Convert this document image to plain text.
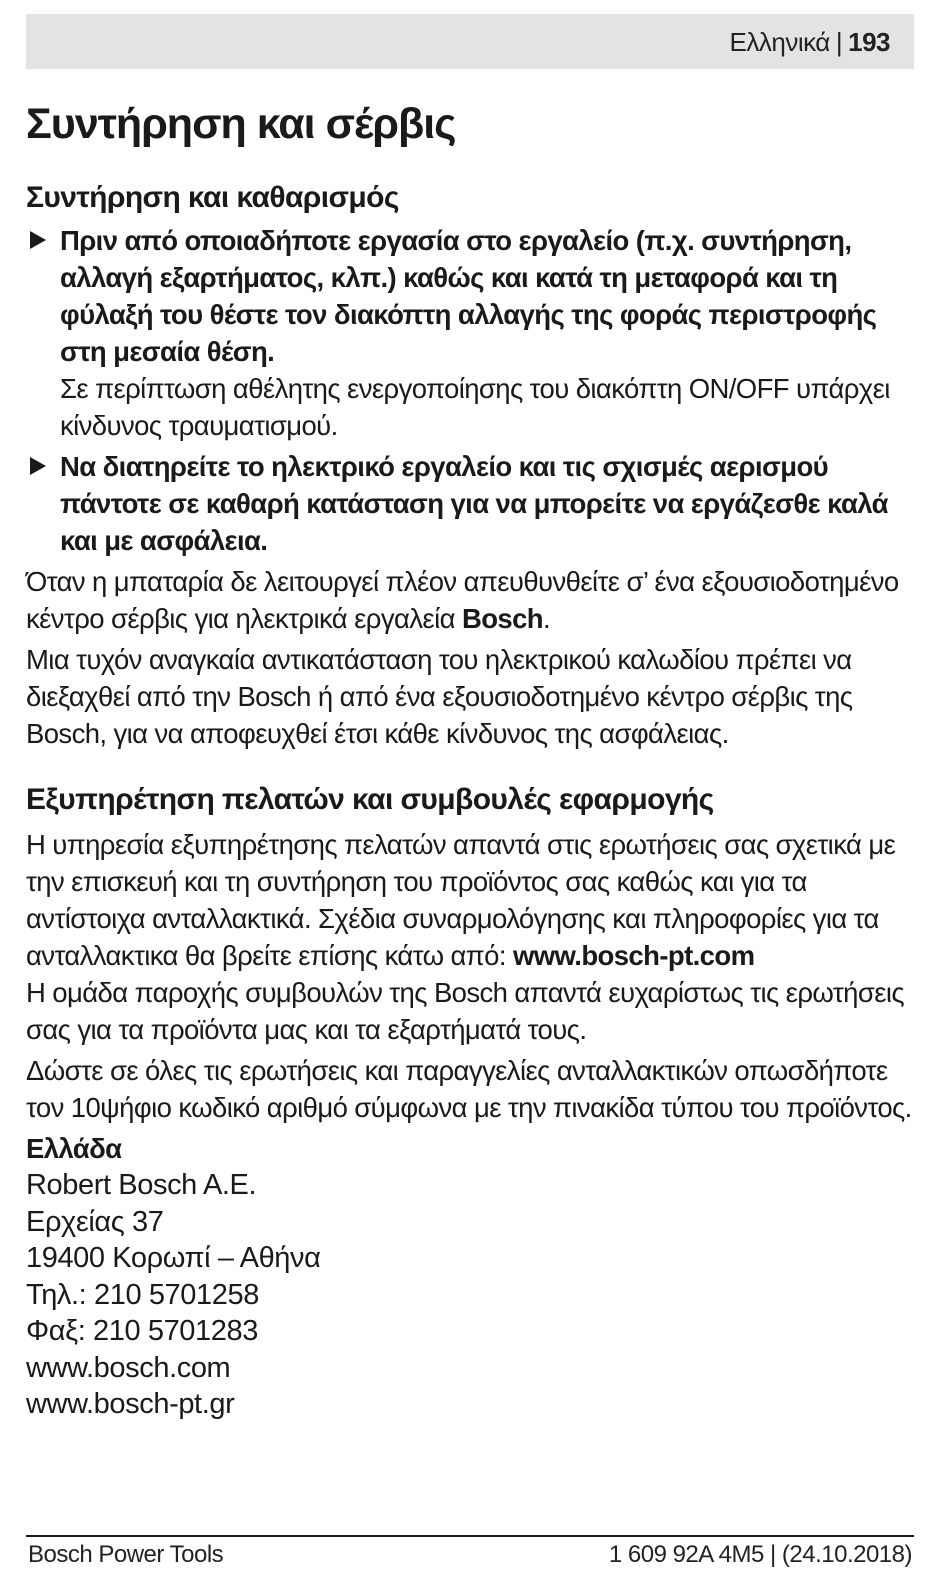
Ελληνικά | 193
Συντήρηση και σέρβις
Συντήρηση και καθαρισμός
Πριν από οποιαδήποτε εργασία στο εργαλείο (π.χ. συντήρηση, αλλαγή εξαρτήματος, κλπ.) καθώς και κατά τη μεταφορά και τη φύλαξή του θέστε τον διακόπτη αλλαγής της φοράς περιστροφής στη μεσαία θέση.
Σε περίπτωση αθέλητης ενεργοποίησης του διακόπτη ON/OFF υπάρχει κίνδυνος τραυματισμού.
Να διατηρείτε το ηλεκτρικό εργαλείο και τις σχισμές αερισμού πάντοτε σε καθαρή κατάσταση για να μπορείτε να εργάζεσθε καλά και με ασφάλεια.

Όταν η μπαταρία δε λειτουργεί πλέον απευθυνθείτε σ’ ένα εξουσιοδοτημένο κέντρο σέρβις για ηλεκτρικά εργαλεία Bosch.

Μια τυχόν αναγκαία αντικατάσταση του ηλεκτρικού καλωδίου πρέπει να διεξαχθεί από την Bosch ή από ένα εξουσιοδοτημένο κέντρο σέρβις της Bosch, για να αποφευχθεί έτσι κάθε κίνδυνος της ασφάλειας.

Εξυπηρέτηση πελατών και συμβουλές εφαρμογής

Η υπηρεσία εξυπηρέτησης πελατών απαντά στις ερωτήσεις σας σχετικά με την επισκευή και τη συντήρηση του προϊόντος σας καθώς και για τα αντίστοιχα ανταλλακτικά. Σχέδια συναρμολόγησης και πληροφορίες για τα ανταλλακτικα θα βρείτε επίσης κάτω από: www.bosch-pt.com

Η ομάδα παροχής συμβουλών της Bosch απαντά ευχαρίστως τις ερωτήσεις σας για τα προϊόντα μας και τα εξαρτήματά τους.

Δώστε σε όλες τις ερωτήσεις και παραγγελίες ανταλλακτικών οπωσδήποτε τον 10ψήφιο κωδικό αριθμό σύμφωνα με την πινακίδα τύπου του προϊόντος.

Ελλάδα

Robert Bosch A.E.
Ερχείας 37
19400 Κορωπί – Αθήνα
Τηλ.: 210 5701258
Φαξ: 210 5701283
www.bosch.com
www.bosch-pt.gr
Bosch Power Tools	1 609 92A 4M5 | (24.10.2018)
